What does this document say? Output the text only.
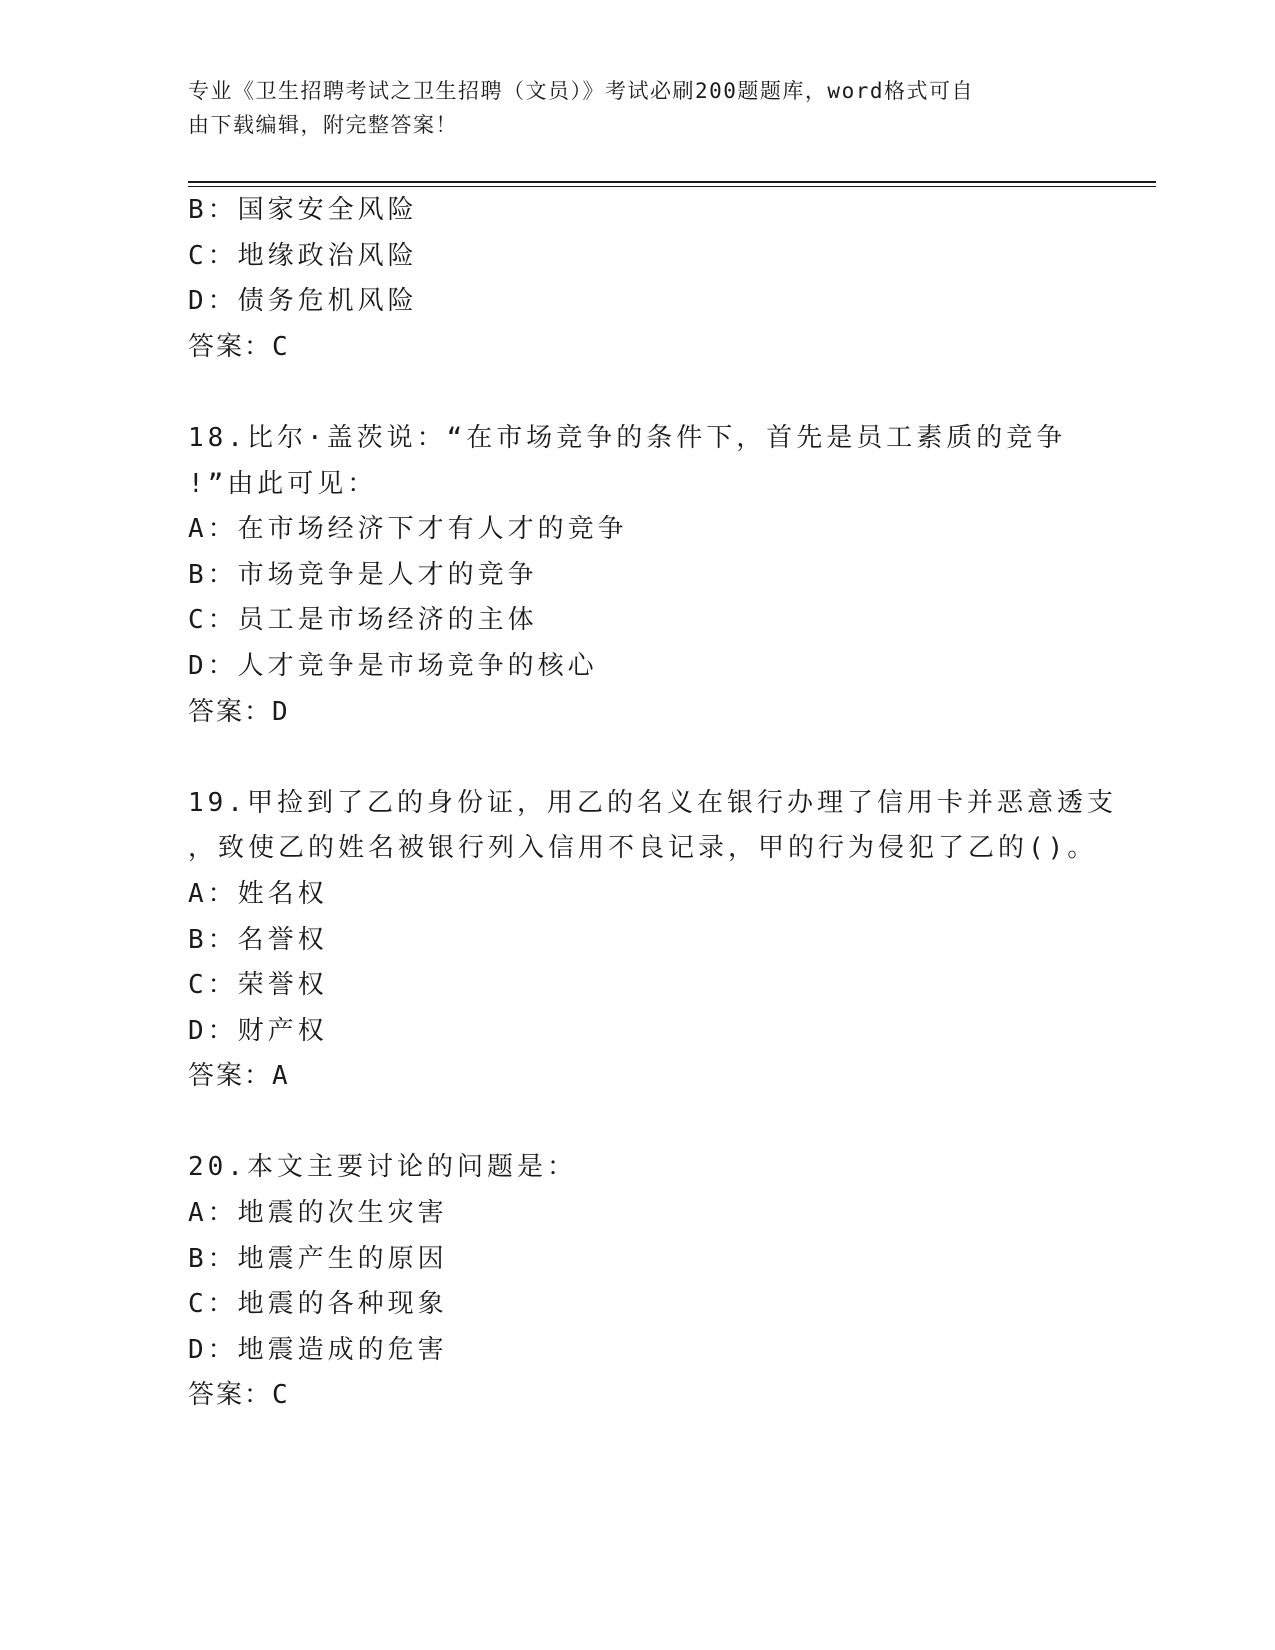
专业《卫生招聘考试之卫生招聘（文员）》考试必刷200题题库，word格式可自
由下载编辑，附完整答案！
B：国家安全风险
C：地缘政治风险
D：债务危机风险
答案：C
18.比尔·盖茨说：“在市场竞争的条件下，首先是员工素质的竞争
!”由此可见：
A：在市场经济下才有人才的竞争
B：市场竞争是人才的竞争
C：员工是市场经济的主体
D：人才竞争是市场竞争的核心
答案：D
19.甲捡到了乙的身份证，用乙的名义在银行办理了信用卡并恶意透支
，致使乙的姓名被银行列入信用不良记录，甲的行为侵犯了乙的()。
A：姓名权
B：名誉权
C：荣誉权
D：财产权
答案：A
20.本文主要讨论的问题是：
A：地震的次生灾害
B：地震产生的原因
C：地震的各种现象
D：地震造成的危害
答案：C
